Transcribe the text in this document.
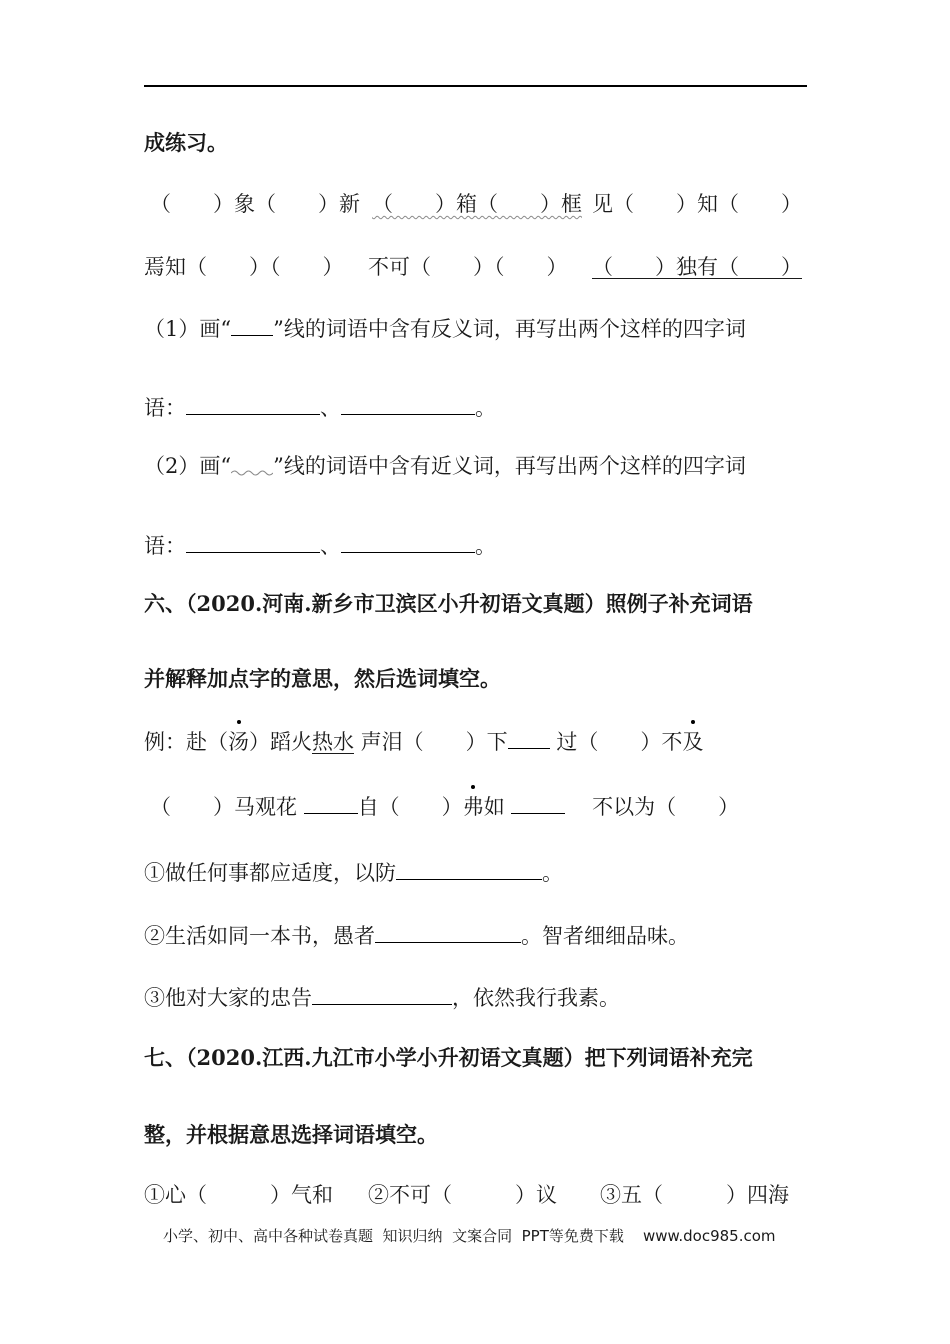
成练习。
（　　）象（　　）新 （　　）箱（　　）框 见（　　）知（　　）
焉知（　　）（　　） 不可（　　）（　　） （　　）独有（　　）
（1）画“ ”线的词语中含有反义词，再写出两个这样的四字词
语：	、	。
（2）画“ ”线的词语中含有近义词，再写出两个这样的四字词
语：	、	。
六、（2020.河南.新乡市卫滨区小升初语文真题）照例子补充词语
并解释加点字的意思，然后选词填空。
例：赴（汤）蹈火热水 声泪（　　）下 过（　　）不及
（　　）马观花	自（　　）弗如	不以为（　　）
①做任何事都应适度，以防	。
②生活如同一本书，愚者	。智者细细品味。
③他对大家的忠告	，依然我行我素。
七、（2020.江西.九江市小学小升初语文真题）把下列词语补充完
整，并根据意思选择词语填空。
①心（　　　）气和 ②不可（　　　）议 ③五（　　　）四海
小学、初中、高中各种试卷真题  知识归纳  文案合同  PPT等免费下载 www.doc985.com
